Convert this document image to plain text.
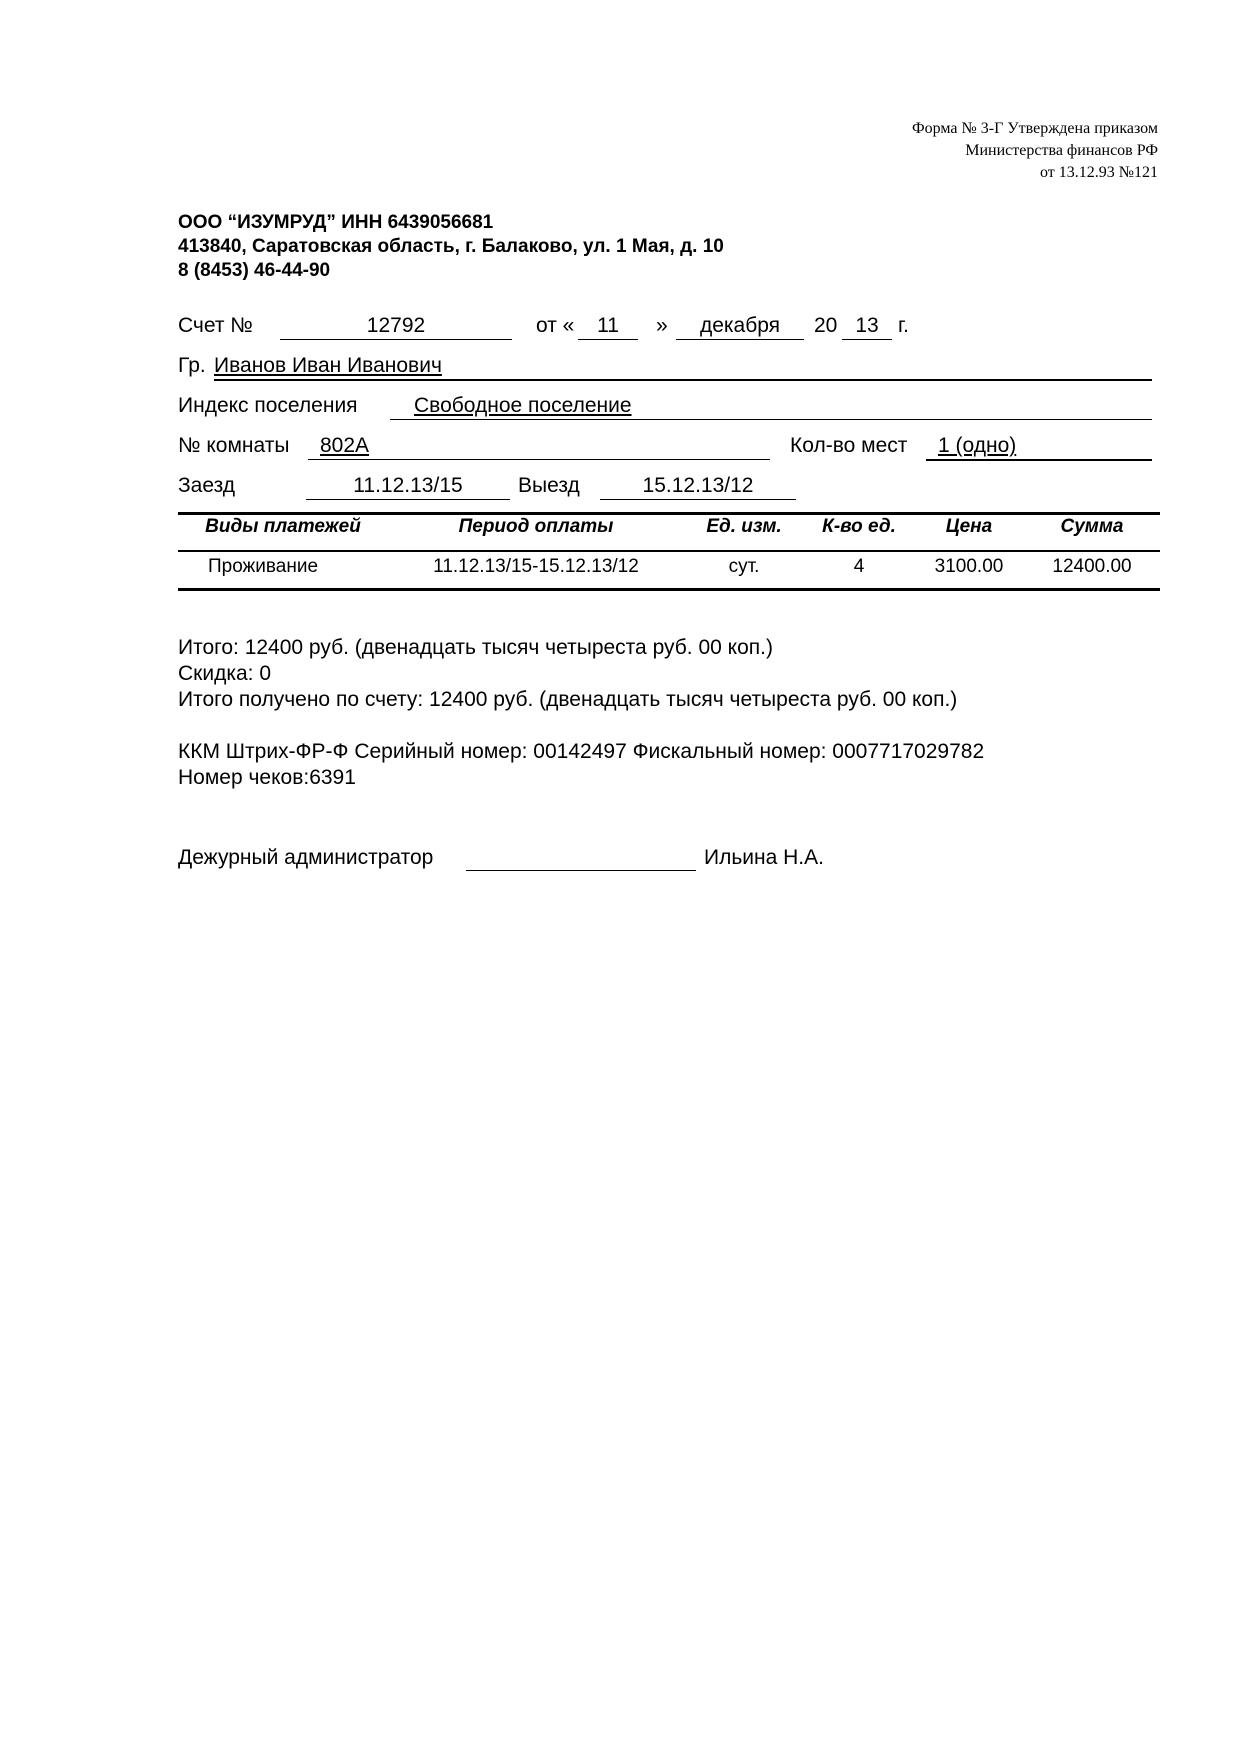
Форма № 3-Г Утверждена приказом
Министерства финансов РФ
от 13.12.93 №121
ООО “ИЗУМРУД” ИНН 6439056681
413840, Саратовская область, г. Балаково, ул. 1 Мая, д. 10
8 (8453) 46-44-90
Счет №	12792	от «	11	»	декабря	20 13 г.
Гр. Иванов Иван Иванович
Индекс поселения	Свободное поселение
№ комнаты	802А	Кол-во мест	1 (одно)
Заезд	11.12.13/15	Выезд	15.12.13/12
Виды платежей	Период оплаты	Ед. изм.	К-во ед.	Цена	Сумма
Проживание	11.12.13/15-15.12.13/12	сут.	4	3100.00	12400.00
Итого: 12400 руб. (двенадцать тысяч четыреста руб. 00 коп.)
Скидка: 0
Итого получено по счету: 12400 руб. (двенадцать тысяч четыреста руб. 00 коп.)
ККМ Штрих-ФР-Ф Серийный номер: 00142497 Фискальный номер: 0007717029782
Номер чеков:6391
Дежурный администратор	Ильина Н.А.
